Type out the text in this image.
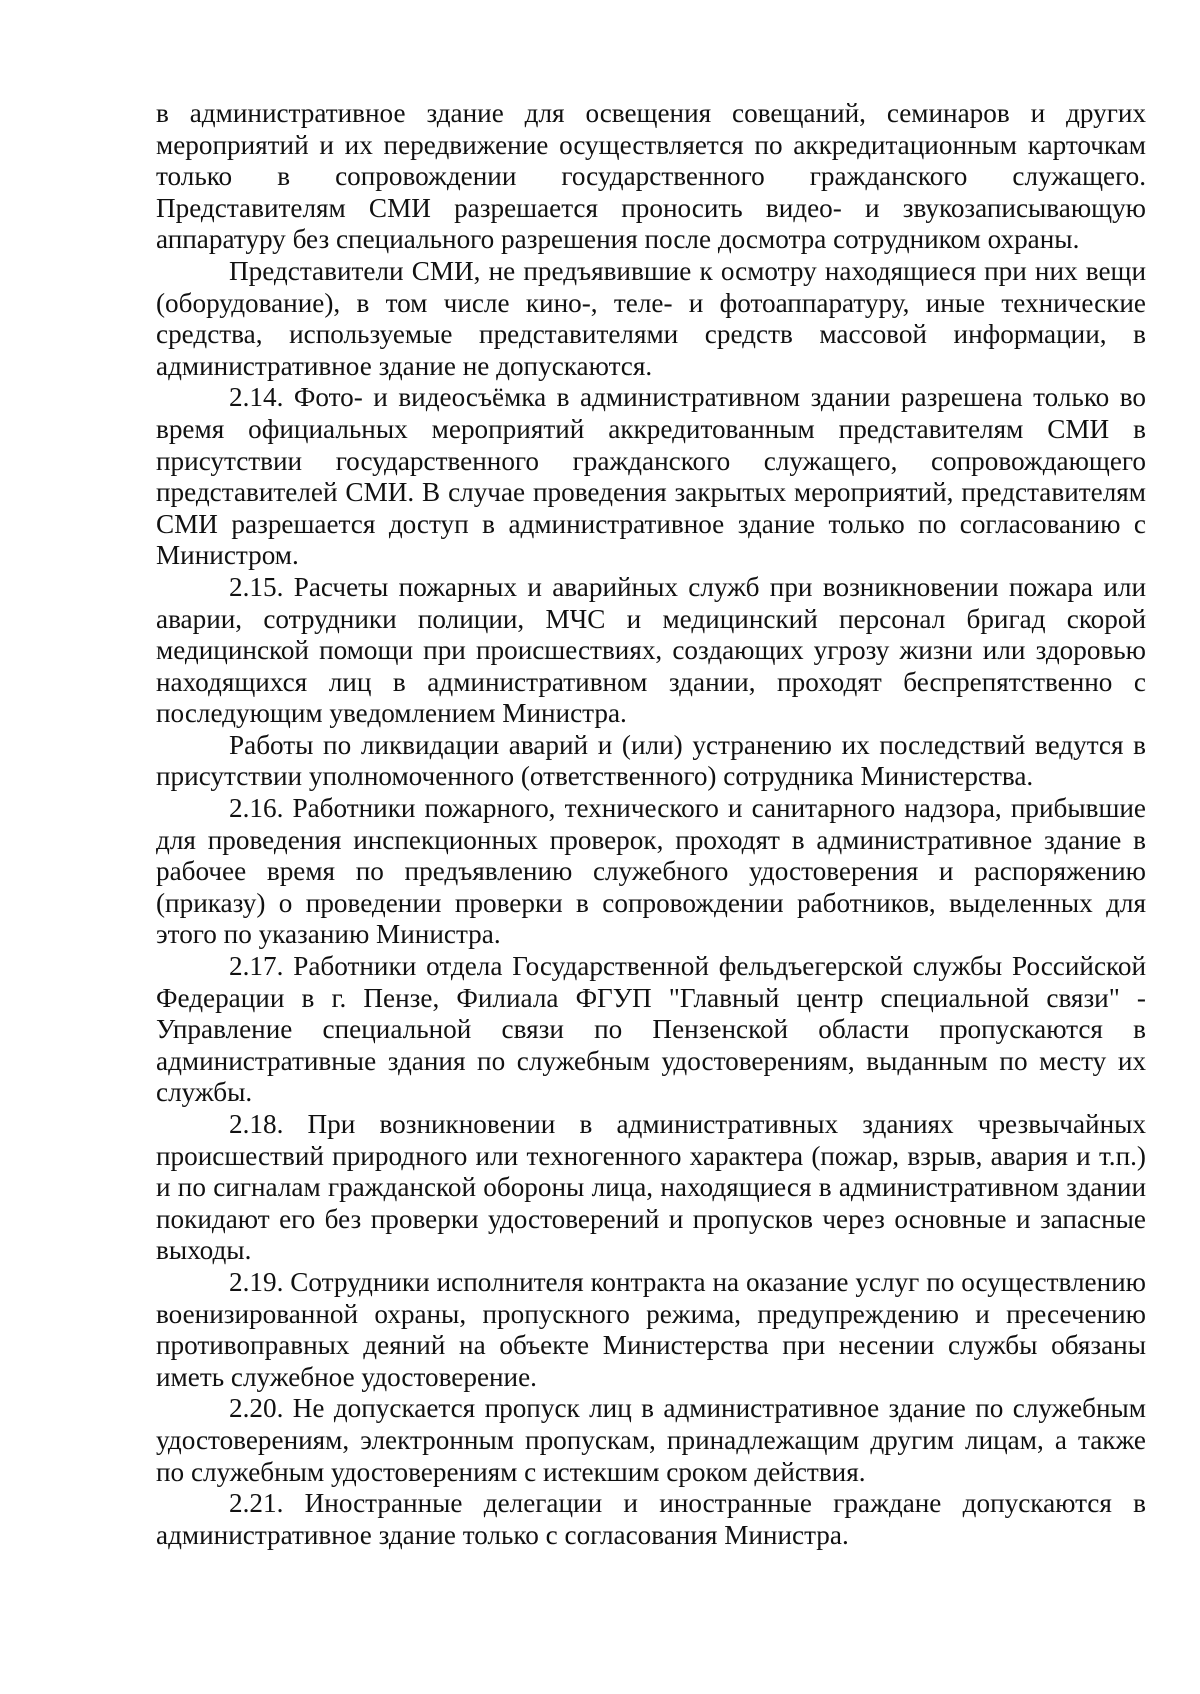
в административное здание для освещения совещаний, семинаров и других мероприятий и их передвижение осуществляется по аккредитационным карточкам только в сопровождении государственного гражданского служащего. Представителям СМИ разрешается проносить видео- и звукозаписывающую аппаратуру без специального разрешения после досмотра сотрудником охраны.

Представители СМИ, не предъявившие к осмотру находящиеся при них вещи (оборудование), в том числе кино-, теле- и фотоаппаратуру, иные технические средства, используемые представителями средств массовой информации, в административное здание не допускаются.

2.14. Фото- и видеосъёмка в административном здании разрешена только во время официальных мероприятий аккредитованным представителям СМИ в присутствии государственного гражданского служащего, сопровождающего представителей СМИ. В случае проведения закрытых мероприятий, представителям СМИ разрешается доступ в административное здание только по согласованию с Министром.

2.15. Расчеты пожарных и аварийных служб при возникновении пожара или аварии, сотрудники полиции, МЧС и медицинский персонал бригад скорой медицинской помощи при происшествиях, создающих угрозу жизни или здоровью находящихся лиц в административном здании, проходят беспрепятственно с последующим уведомлением Министра.

Работы по ликвидации аварий и (или) устранению их последствий ведутся в присутствии уполномоченного (ответственного) сотрудника Министерства.

2.16. Работники пожарного, технического и санитарного надзора, прибывшие для проведения инспекционных проверок, проходят в административное здание в рабочее время по предъявлению служебного удостоверения и распоряжению (приказу) о проведении проверки в сопровождении работников, выделенных для этого по указанию Министра.

2.17. Работники отдела Государственной фельдъегерской службы Российской Федерации в г. Пензе, Филиала ФГУП "Главный центр специальной связи" - Управление специальной связи по Пензенской области пропускаются в административные здания по служебным удостоверениям, выданным по месту их службы.

2.18. При возникновении в административных зданиях чрезвычайных происшествий природного или техногенного характера (пожар, взрыв, авария и т.п.) и по сигналам гражданской обороны лица, находящиеся в административном здании покидают его без проверки удостоверений и пропусков через основные и запасные выходы.

2.19. Сотрудники исполнителя контракта на оказание услуг по осуществлению военизированной охраны, пропускного режима, предупреждению и пресечению противоправных деяний на объекте Министерства при несении службы обязаны иметь служебное удостоверение.

2.20. Не допускается пропуск лиц в административное здание по служебным удостоверениям, электронным пропускам, принадлежащим другим лицам, а также по служебным удостоверениям с истекшим сроком действия.

2.21. Иностранные делегации и иностранные граждане допускаются в административное здание только с согласования Министра.
